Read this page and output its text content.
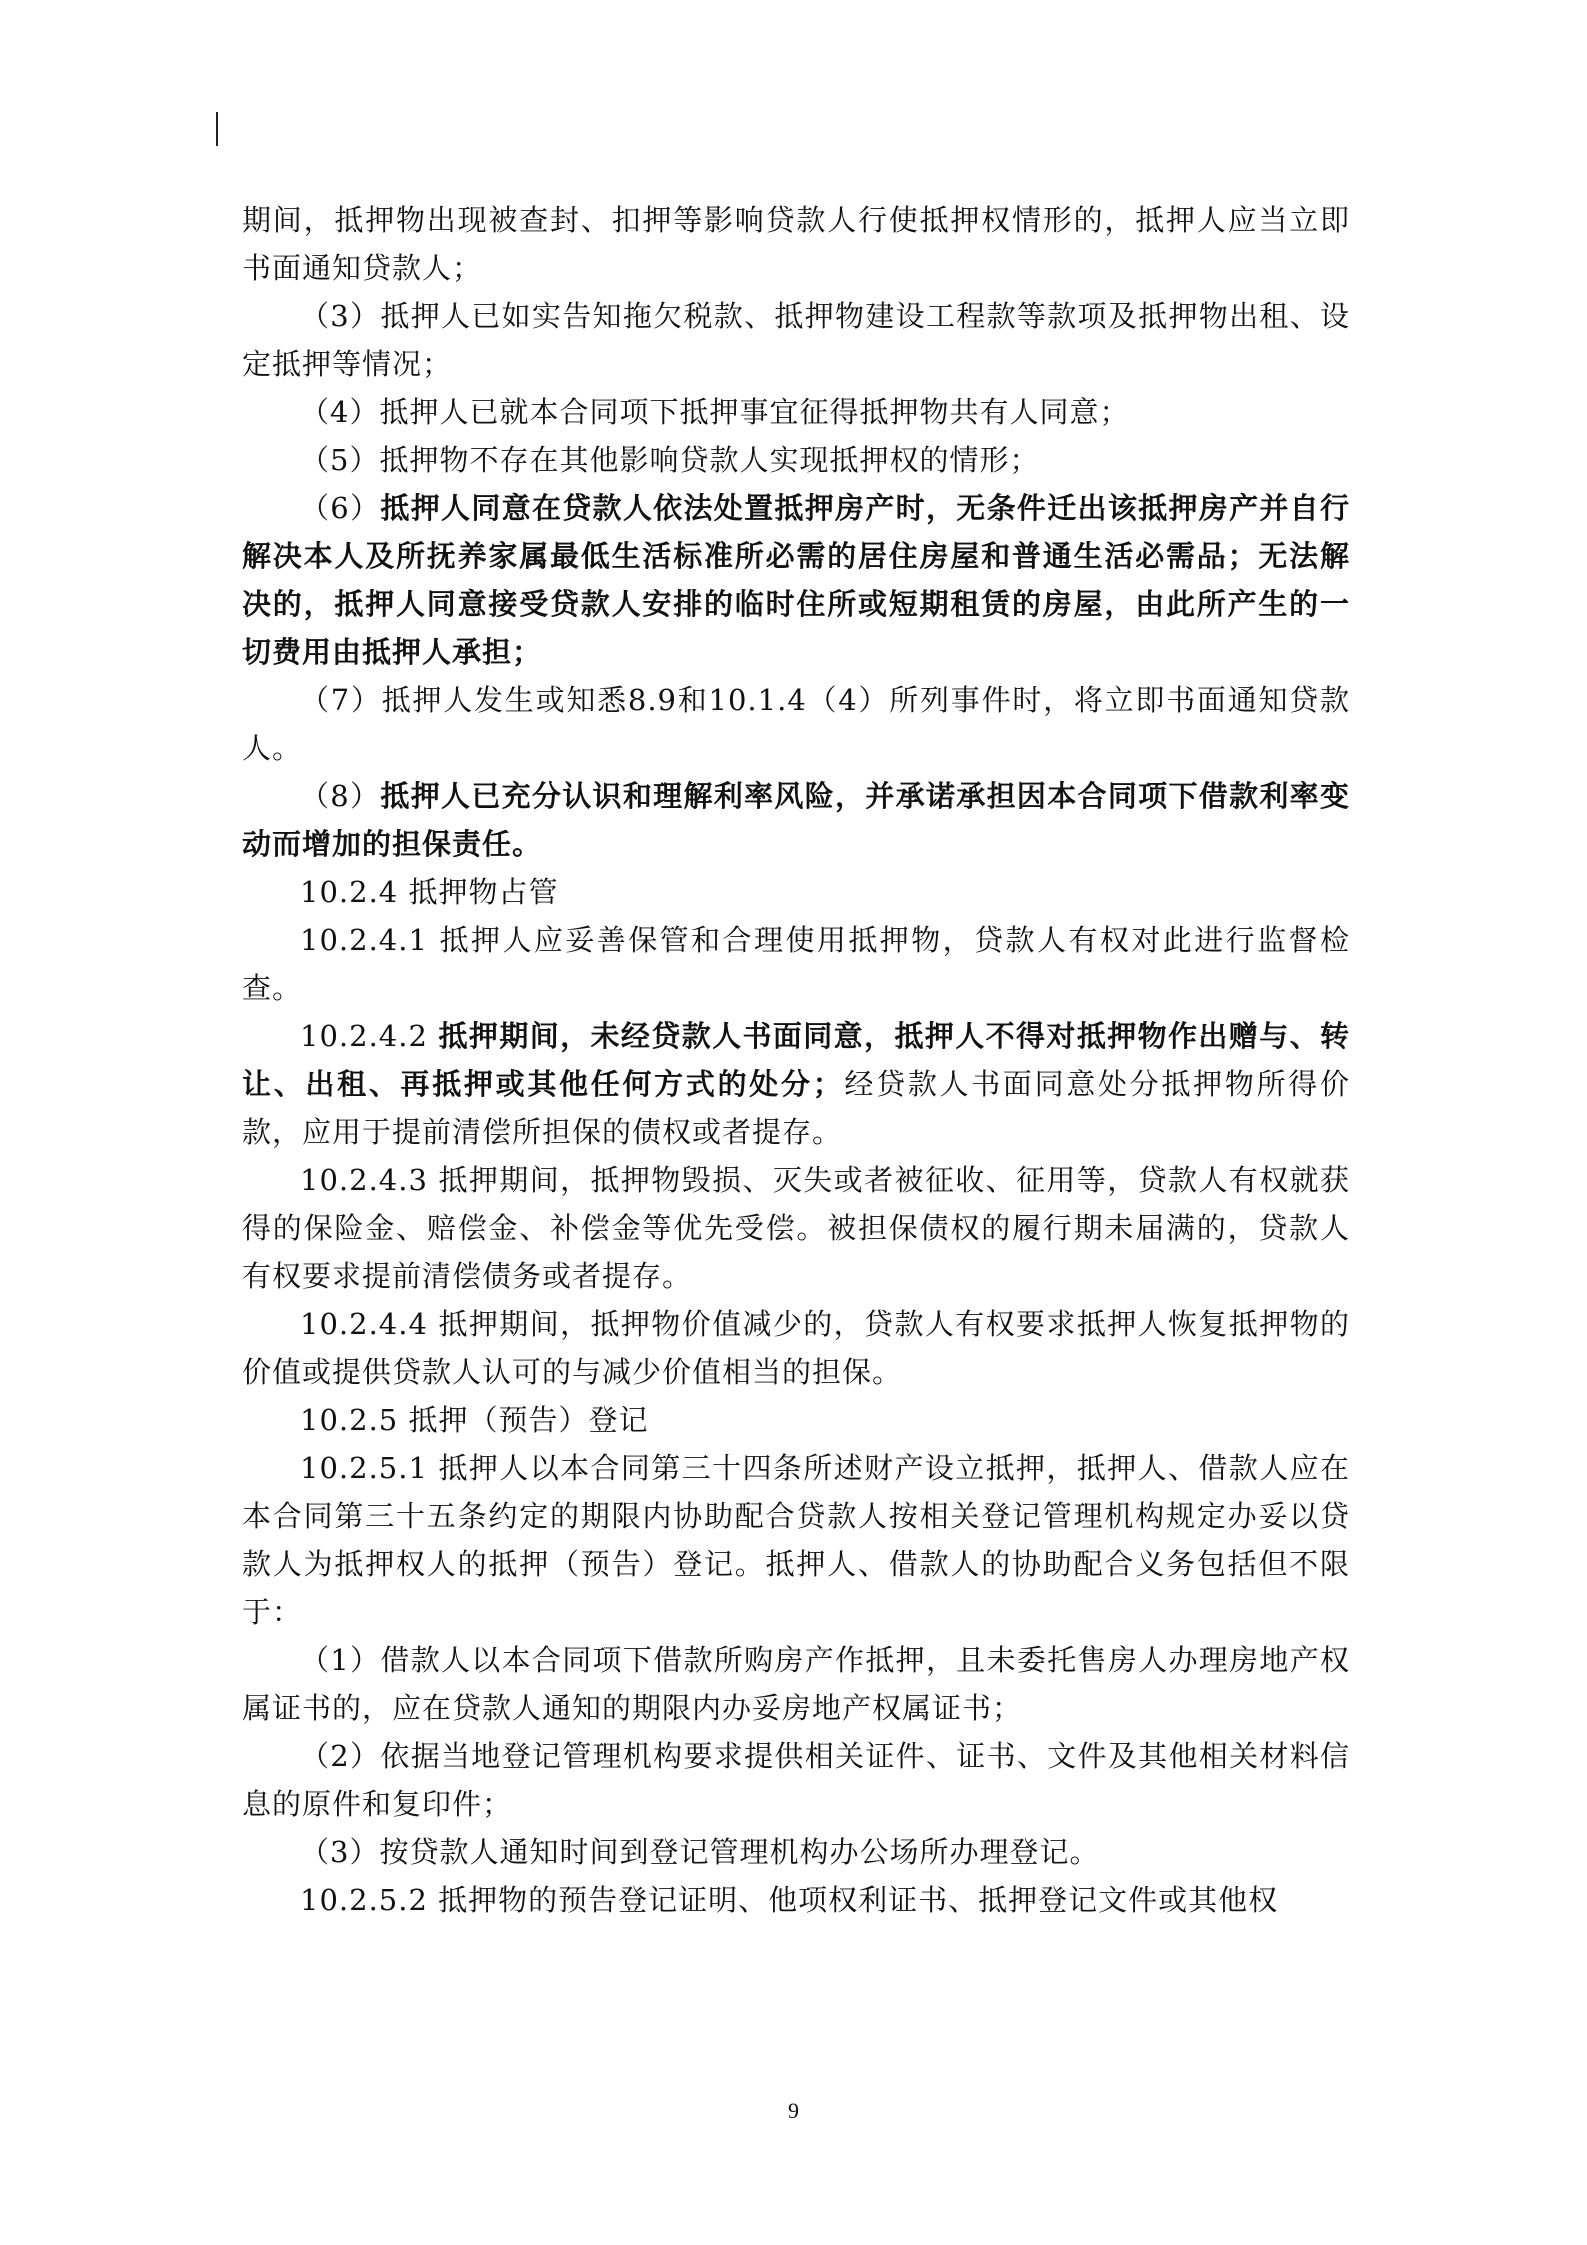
期间，抵押物出现被查封、扣押等影响贷款人行使抵押权情形的，抵押人应当立即书面通知贷款人；

（3）抵押人已如实告知拖欠税款、抵押物建设工程款等款项及抵押物出租、设定抵押等情况；

（4）抵押人已就本合同项下抵押事宜征得抵押物共有人同意；

（5）抵押物不存在其他影响贷款人实现抵押权的情形；

（6）抵押人同意在贷款人依法处置抵押房产时，无条件迁出该抵押房产并自行解决本人及所抚养家属最低生活标准所必需的居住房屋和普通生活必需品；无法解决的，抵押人同意接受贷款人安排的临时住所或短期租赁的房屋，由此所产生的一切费用由抵押人承担；

（7）抵押人发生或知悉8.9和10.1.4（4）所列事件时，将立即书面通知贷款人。

（8）抵押人已充分认识和理解利率风险，并承诺承担因本合同项下借款利率变动而增加的担保责任。

10.2.4 抵押物占管

10.2.4.1 抵押人应妥善保管和合理使用抵押物，贷款人有权对此进行监督检查。

10.2.4.2 抵押期间，未经贷款人书面同意，抵押人不得对抵押物作出赠与、转让、出租、再抵押或其他任何方式的处分；经贷款人书面同意处分抵押物所得价款，应用于提前清偿所担保的债权或者提存。

10.2.4.3 抵押期间，抵押物毁损、灭失或者被征收、征用等，贷款人有权就获得的保险金、赔偿金、补偿金等优先受偿。被担保债权的履行期未届满的，贷款人有权要求提前清偿债务或者提存。

10.2.4.4 抵押期间，抵押物价值减少的，贷款人有权要求抵押人恢复抵押物的价值或提供贷款人认可的与减少价值相当的担保。

10.2.5 抵押（预告）登记

10.2.5.1 抵押人以本合同第三十四条所述财产设立抵押，抵押人、借款人应在本合同第三十五条约定的期限内协助配合贷款人按相关登记管理机构规定办妥以贷款人为抵押权人的抵押（预告）登记。抵押人、借款人的协助配合义务包括但不限于：

（1）借款人以本合同项下借款所购房产作抵押，且未委托售房人办理房地产权属证书的，应在贷款人通知的期限内办妥房地产权属证书；

（2）依据当地登记管理机构要求提供相关证件、证书、文件及其他相关材料信息的原件和复印件；

（3）按贷款人通知时间到登记管理机构办公场所办理登记。

10.2.5.2 抵押物的预告登记证明、他项权利证书、抵押登记文件或其他权

9
